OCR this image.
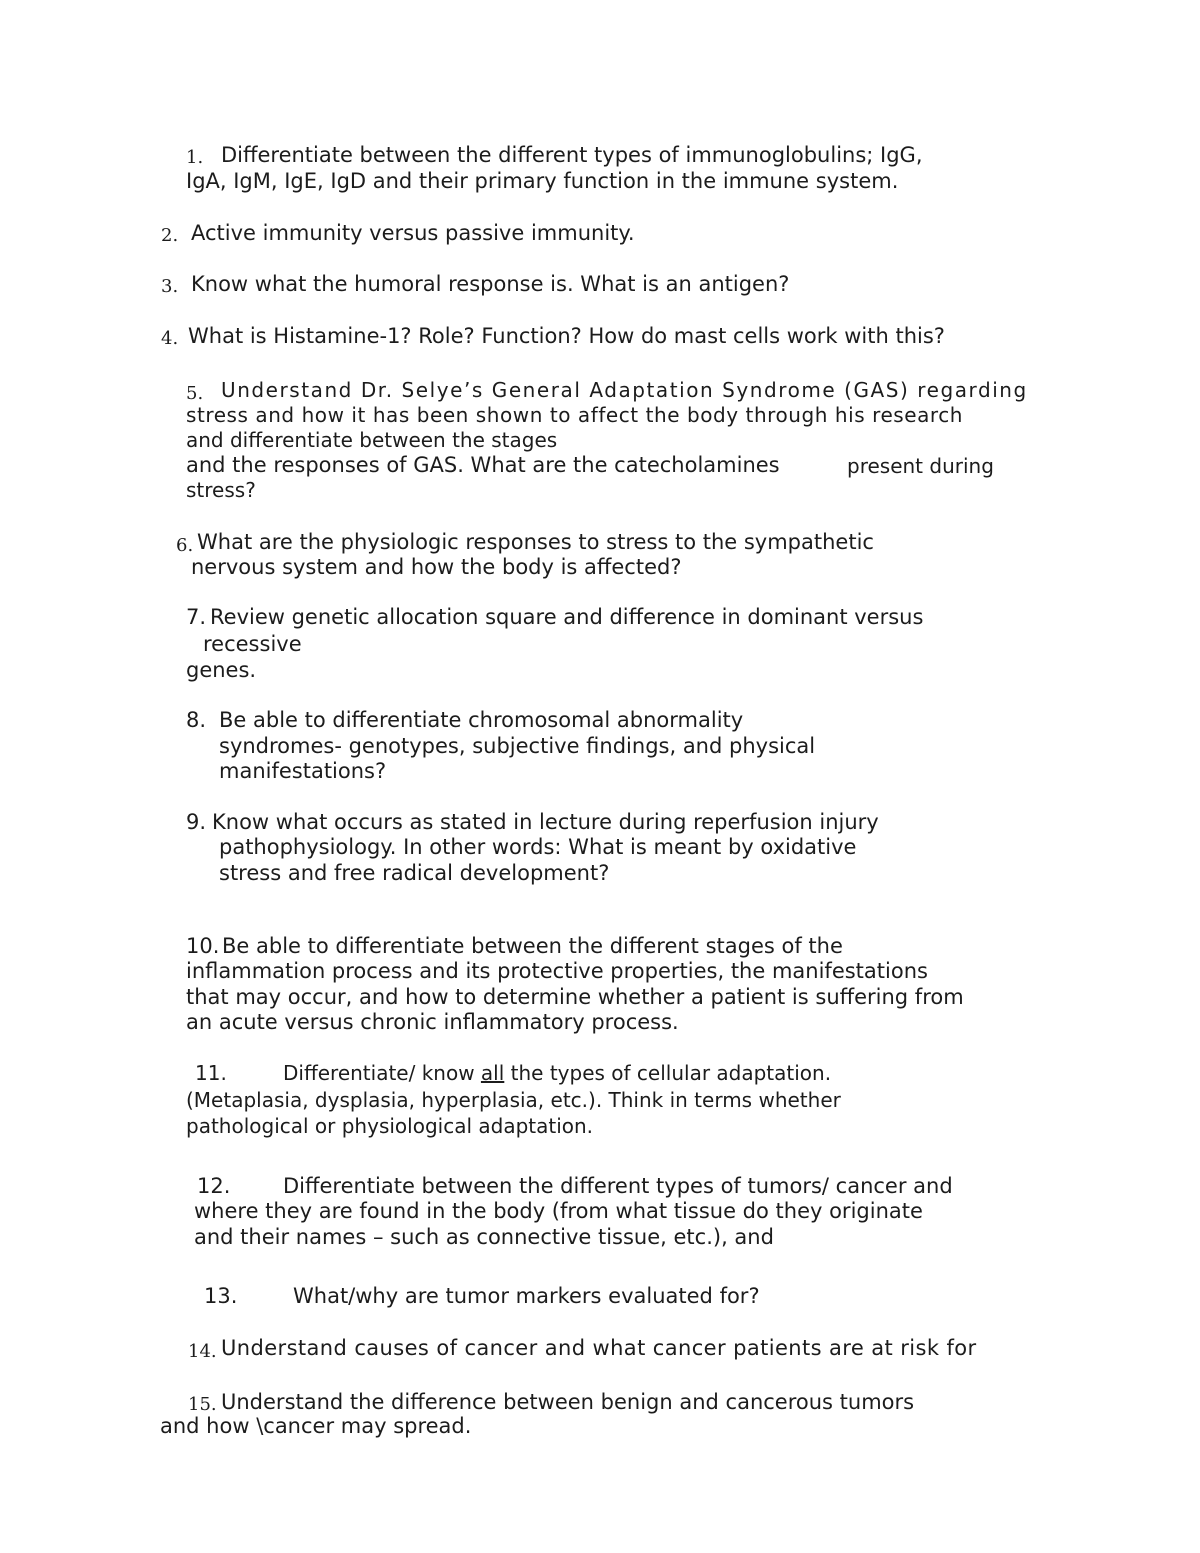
1. Differentiate between the different types of immunoglobulins; IgG,
IgA, IgM, IgE, IgD and their primary function in the immune system.
2. Active immunity versus passive immunity.
3. Know what the humoral response is. What is an antigen?
4. What is Histamine-1? Role? Function? How do mast cells work with this?
5. Understand Dr. Selye’s General Adaptation Syndrome (GAS) regarding
stress and how it has been shown to affect the body through his research
and differentiate between the stages
and the responses of GAS. What are the catecholamines	present during
stress?
6. What are the physiologic responses to stress to the sympathetic
nervous system and how the body is affected?
7. Review genetic allocation square and difference in dominant versus
recessive
genes.
8. Be able to differentiate chromosomal abnormality
syndromes- genotypes, subjective findings, and physical
manifestations?
9. Know what occurs as stated in lecture during reperfusion injury
pathophysiology. In other words: What is meant by oxidative
stress and free radical development?
10. Be able to differentiate between the different stages of the
inflammation process and its protective properties, the manifestations
that may occur, and how to determine whether a patient is suffering from
an acute versus chronic inflammatory process.
11.	Differentiate/ know all the types of cellular adaptation.
(Metaplasia, dysplasia, hyperplasia, etc.). Think in terms whether
pathological or physiological adaptation.
12.	Differentiate between the different types of tumors/ cancer and
where they are found in the body (from what tissue do they originate
and their names – such as connective tissue, etc.), and
13.	What/why are tumor markers evaluated for?
14. Understand causes of cancer and what cancer patients are at risk for
15. Understand the difference between benign and cancerous tumors
and how \cancer may spread.
